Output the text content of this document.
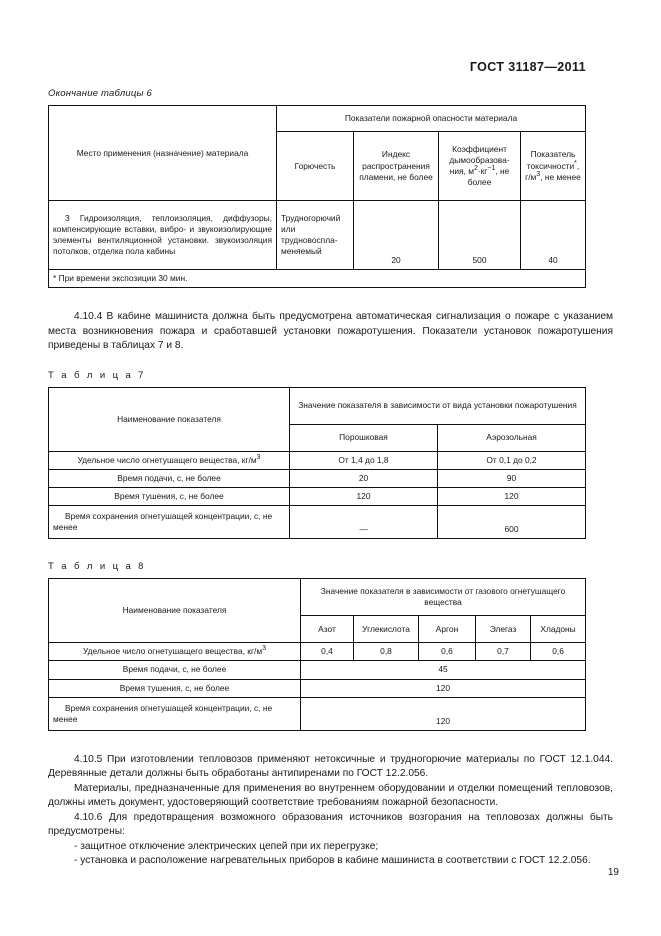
ГОСТ 31187—2011
Окончание таблицы 6
Место применения (назначение) материала	Показатели пожарной опасности материала			
	Горючесть	Индекс распространения пламени, не более	Коэффициент дымообразования, $м^2\cdot кг^{-1}$, не более	Показатель токсичности*, $г/м^3$, не менее
3 Гидроизоляция, теплоизоляция, диффузоры, компенсирующие вставки, вибро- и звукоизолирующие элементы вентиляционной установки. звукоизоляция потолков, отделка пола кабины	Трудногорючий или трудновоспламеняемый	20	500	40
* При времени экспозиции 30 мин.				

4.10.4 В кабине машиниста должна быть предусмотрена автоматическая сигнализация о пожаре с указанием места возникновения пожара и сработавшей установки пожаротушения. Показатели установок пожаротушения приведены в таблицах 7 и 8.

Т а б л и ц а 7
Наименование показателя	Значение показателя в зависимости от вида установки пожаротушения	
	Порошковая	Аэрозольная
Удельное число огнетушащего вещества, $кг/м^3$	От 1,4 до 1,8	От 0,1 до 0,2
Время подачи, с, не более	20	90
Время тушения, с, не более	120	120
Время сохранения огнетушащей концентрации, с, не менее	—	600
Т а б л и ц а 8
Наименование показателя	Значение показателя в зависимости от газового огнетушащего вещества				
	Азот	Углекислота	Аргон	Элегаз	Хладоны
Удельное число огнетушащего вещества, $кг/м^3$	0,4	0,8	0,6	0,7	0,6
Время подачи, с, не более	45				
Время тушения, с, не более	120				
Время сохранения огнетушащей концентрации, с, не менее	120				

4.10.5 При изготовлении тепловозов применяют нетоксичные и трудногорючие материалы по ГОСТ 12.1.044. Деревянные детали должны быть обработаны антипиренами по ГОСТ 12.2.056.

Материалы, предназначенные для применения во внутреннем оборудовании и отделки помещений тепловозов, должны иметь документ, удостоверяющий соответствие требованиям пожарной безопасности.

4.10.6 Для предотвращения возможного образования источников возгорания на тепловозах должны быть предусмотрены:

- защитное отключение электрических цепей при их перегрузке;

- установка и расположение нагревательных приборов в кабине машиниста в соответствии с ГОСТ 12.2.056.

19
